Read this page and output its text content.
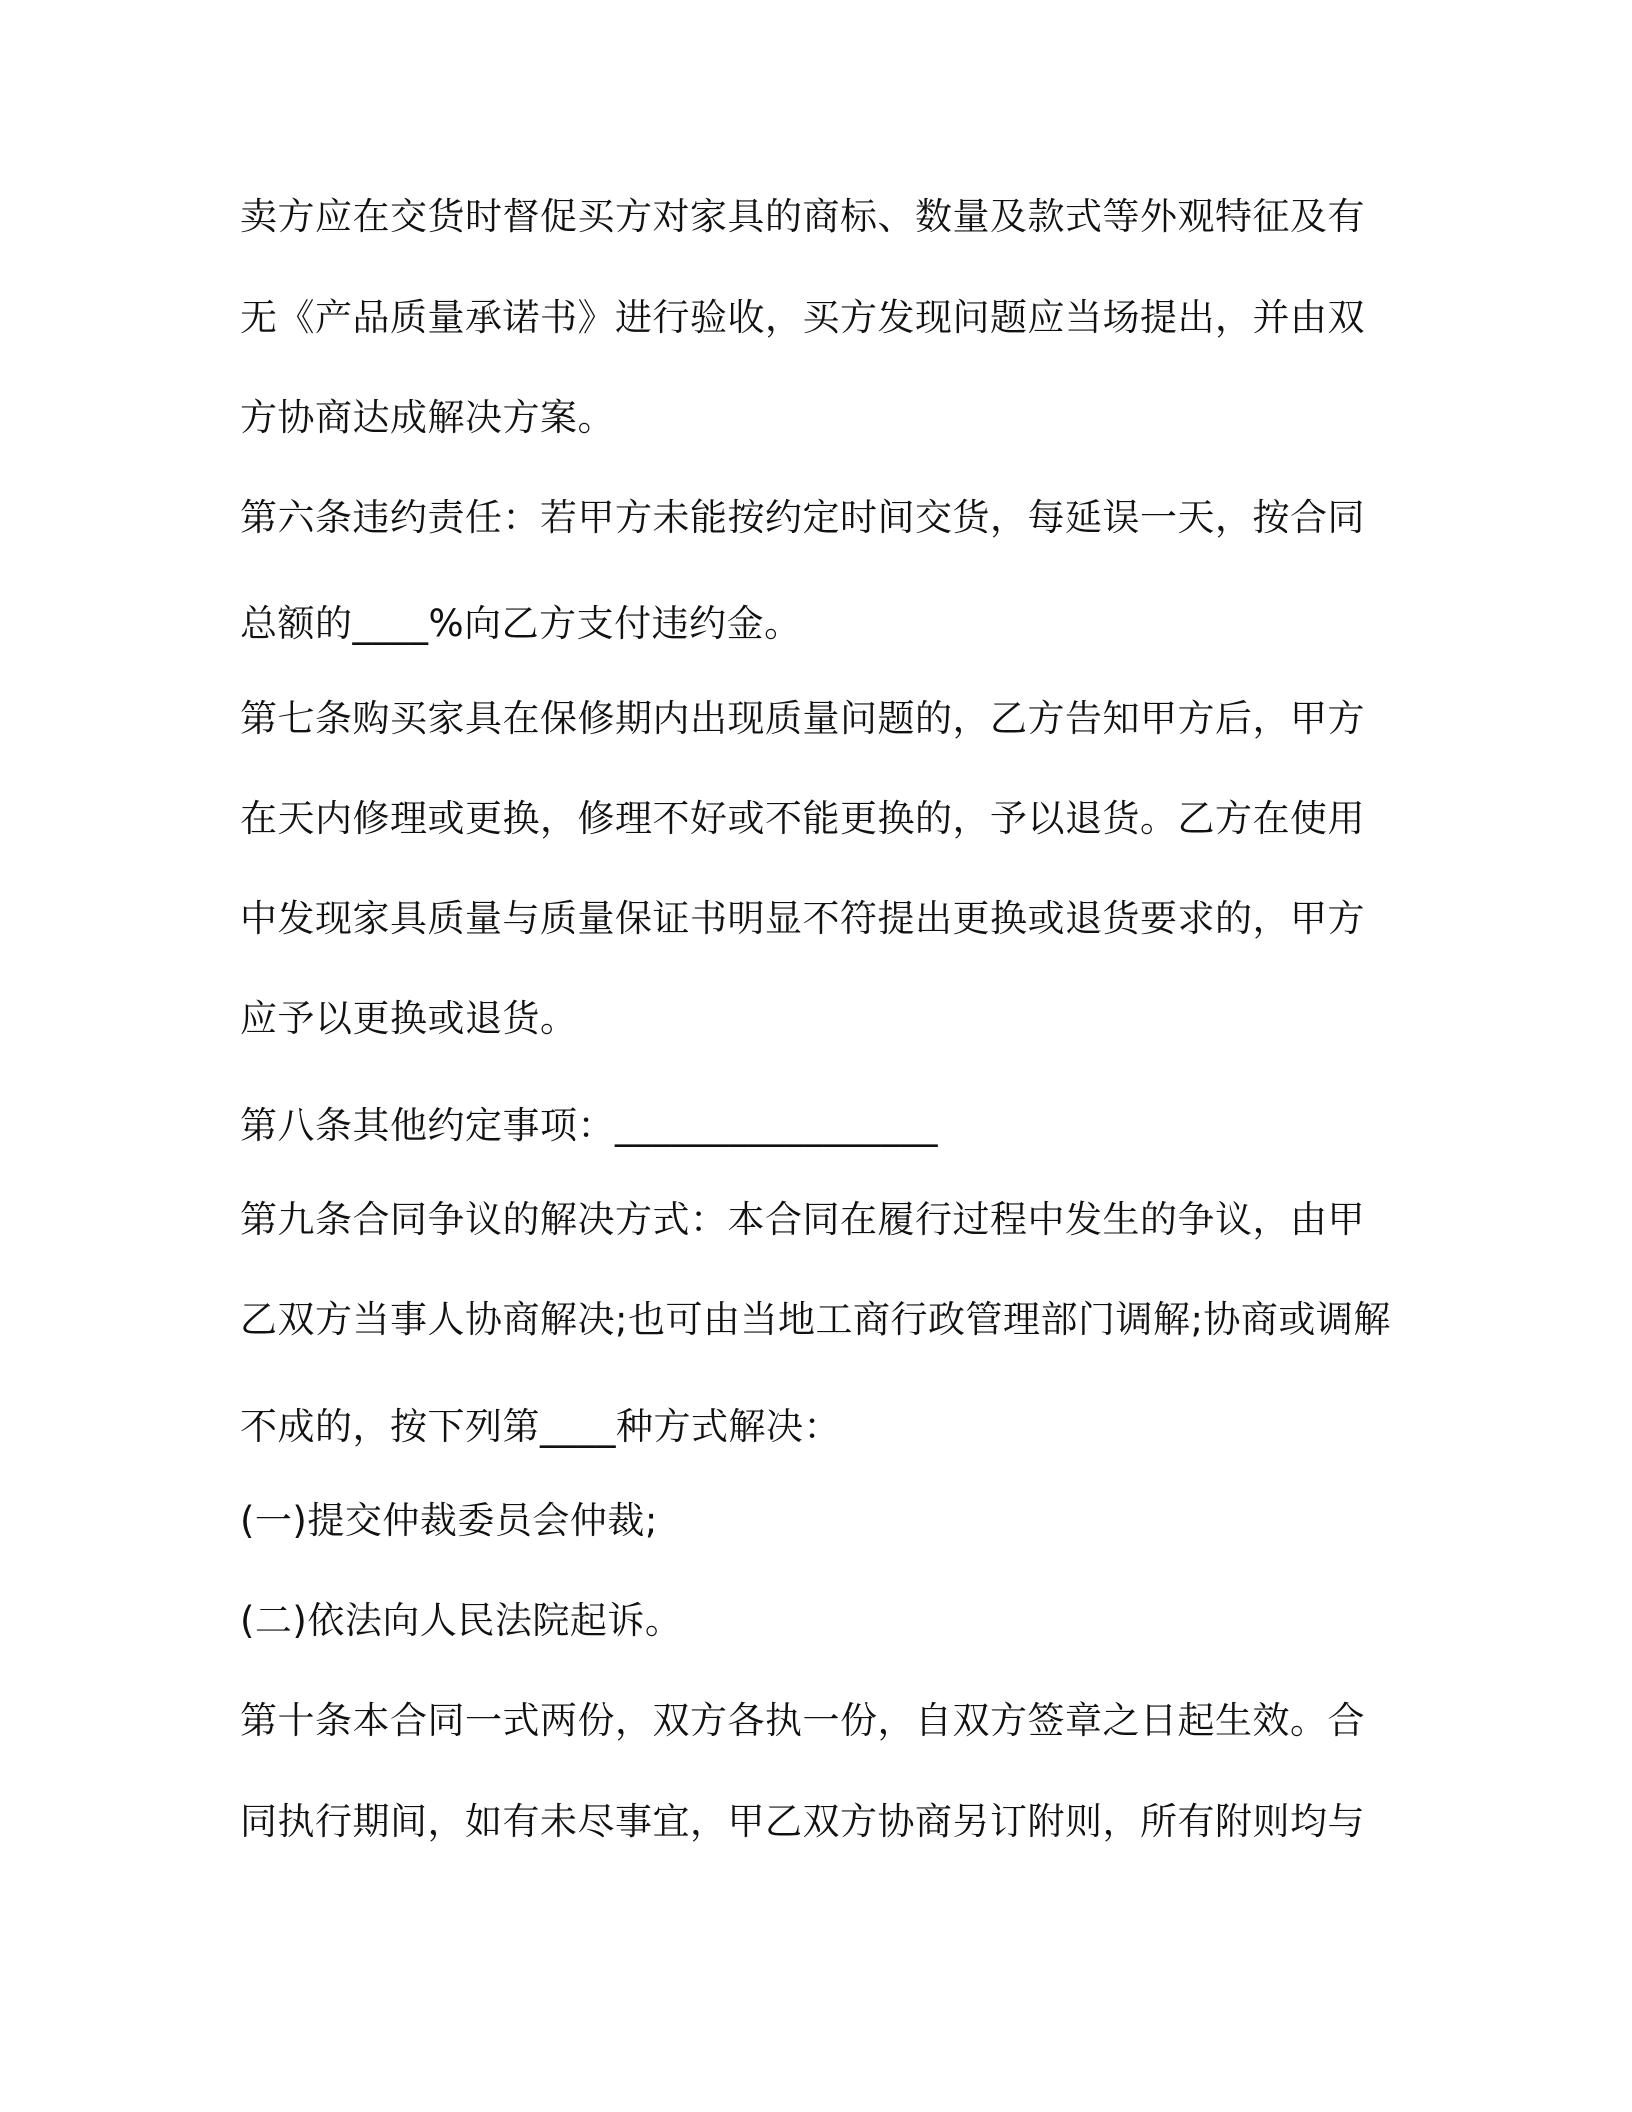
卖方应在交货时督促买方对家具的商标、数量及款式等外观特征及有
无《产品质量承诺书》进行验收，买方发现问题应当场提出，并由双
方协商达成解决方案。
第六条违约责任：若甲方未能按约定时间交货，每延误一天，按合同
总额的____%向乙方支付违约金。
第七条购买家具在保修期内出现质量问题的，乙方告知甲方后，甲方
在天内修理或更换，修理不好或不能更换的，予以退货。乙方在使用
中发现家具质量与质量保证书明显不符提出更换或退货要求的，甲方
应予以更换或退货。
第八条其他约定事项：_________________
第九条合同争议的解决方式：本合同在履行过程中发生的争议，由甲
乙双方当事人协商解决;也可由当地工商行政管理部门调解;协商或调解
不成的，按下列第____种方式解决：
(一)提交仲裁委员会仲裁;
(二)依法向人民法院起诉。
第十条本合同一式两份，双方各执一份，自双方签章之日起生效。合
同执行期间，如有未尽事宜，甲乙双方协商另订附则，所有附则均与
